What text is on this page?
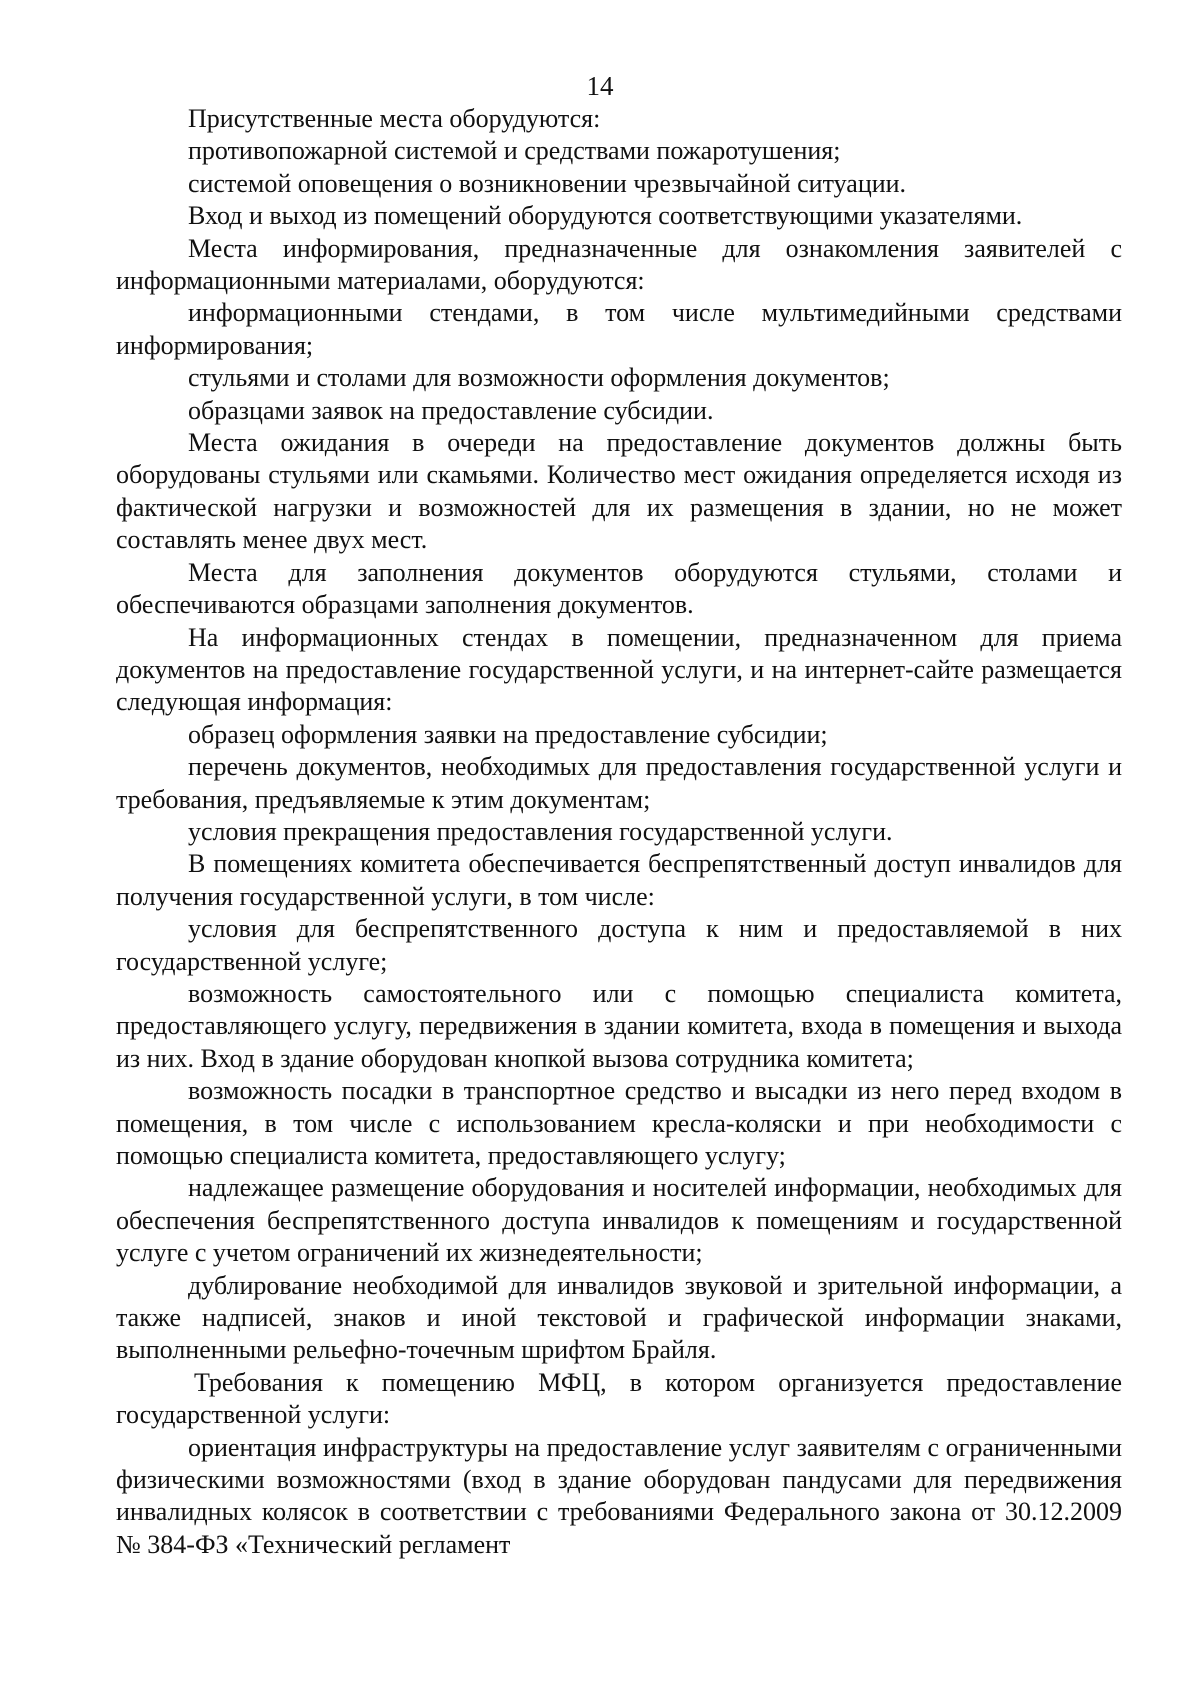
14

Присутственные места оборудуются:

противопожарной системой и средствами пожаротушения;

системой оповещения о возникновении чрезвычайной ситуации.

Вход и выход из помещений оборудуются соответствующими указателями.

Места информирования, предназначенные для ознакомления заявителей с информационными материалами, оборудуются:

информационными стендами, в том числе мультимедийными средствами информирования;

стульями и столами для возможности оформления документов;

образцами заявок на предоставление субсидии.

Места ожидания в очереди на предоставление документов должны быть оборудованы стульями или скамьями. Количество мест ожидания определяется исходя из фактической нагрузки и возможностей для их размещения в здании, но не может составлять менее двух мест.

Места для заполнения документов оборудуются стульями, столами и обеспечиваются образцами заполнения документов.

На информационных стендах в помещении, предназначенном для приема документов на предоставление государственной услуги, и на интернет-сайте размещается следующая информация:

образец оформления заявки на предоставление субсидии;

перечень документов, необходимых для предоставления государственной услуги и требования, предъявляемые к этим документам;

условия прекращения предоставления государственной услуги.

В помещениях комитета обеспечивается беспрепятственный доступ инвалидов для получения государственной услуги, в том числе:

условия для беспрепятственного доступа к ним и предоставляемой в них государственной услуге;

возможность самостоятельного или с помощью специалиста комитета, предоставляющего услугу, передвижения в здании комитета, входа в помещения и выхода из них. Вход в здание оборудован кнопкой вызова сотрудника комитета;

возможность посадки в транспортное средство и высадки из него перед входом в помещения, в том числе с использованием кресла-коляски и при необходимости с помощью специалиста комитета, предоставляющего услугу;

надлежащее размещение оборудования и носителей информации, необходимых для обеспечения беспрепятственного доступа инвалидов к помещениям и государственной услуге с учетом ограничений их жизнедеятельности;

дублирование необходимой для инвалидов звуковой и зрительной информации, а также надписей, знаков и иной текстовой и графической информации знаками, выполненными рельефно-точечным шрифтом Брайля.

Требования к помещению МФЦ, в котором организуется предоставление государственной услуги:

ориентация инфраструктуры на предоставление услуг заявителям с ограниченными физическими возможностями (вход в здание оборудован пандусами для передвижения инвалидных колясок в соответствии с требованиями Федерального закона от 30.12.2009 № 384-ФЗ «Технический регламент
